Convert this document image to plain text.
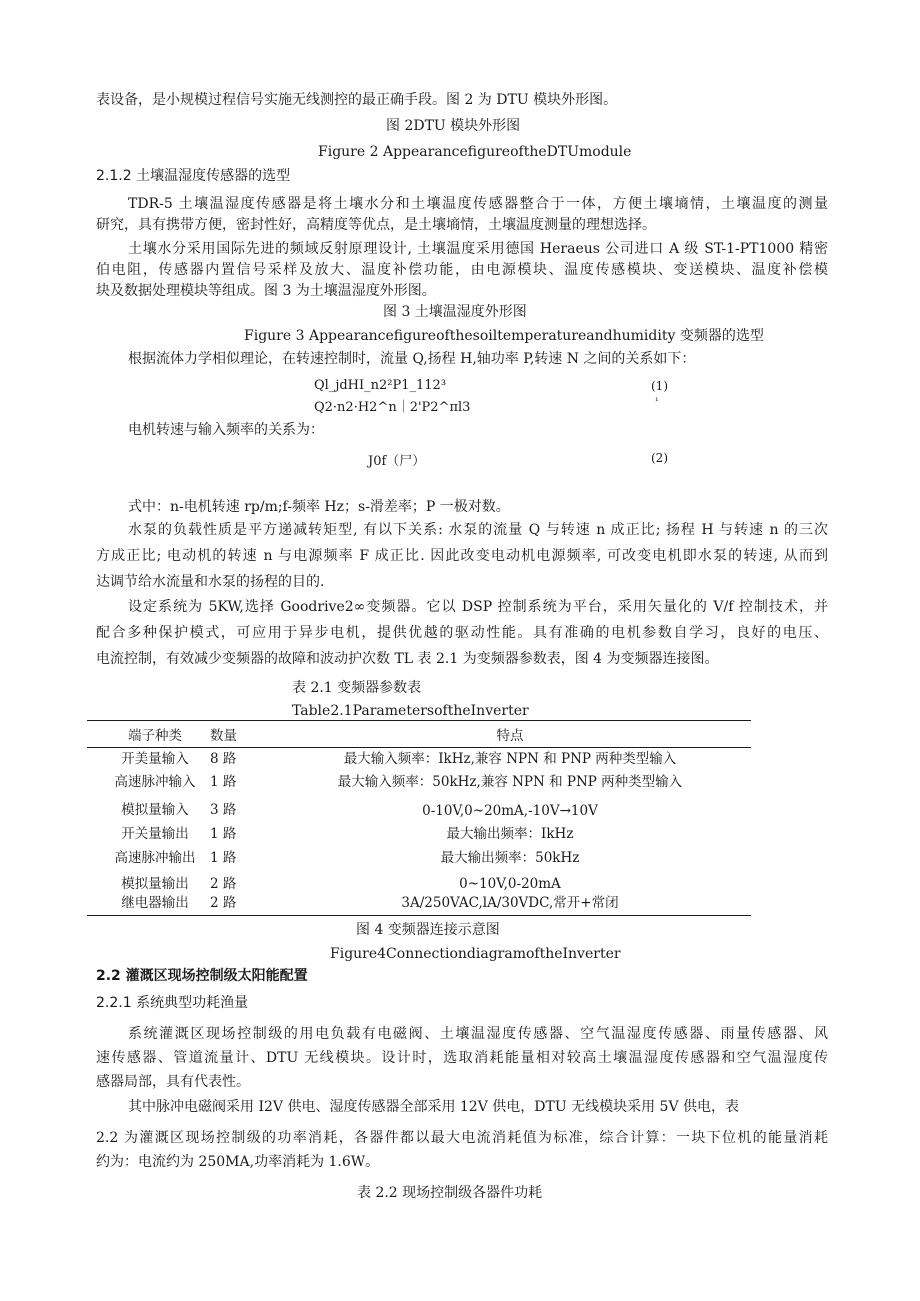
表设备，是小规模过程信号实施无线测控的最正确手段。图 2 为 DTU 模块外形图。
图 2DTU 模块外形图
Figure 2 AppearancefigureoftheDTUmodule
2.1.2 土壤温湿度传感器的选型
TDR-5 土壤温湿度传感器是将土壤水分和土壤温度传感器整合于一体，方便土壤墒情，土壤温度的测量
研究，具有携带方便，密封性好，高精度等优点，是土壤墒情，土壤温度测量的理想选择。
土壤水分采用国际先进的频域反射原理设计, 土壤温度采用德国 Heraeus 公司进口 A 级 ST-1-PT1000 精密
伯电阻，传感器内置信号采样及放大、温度补偿功能，由电源模块、温度传感模块、变送模块、温度补偿模
块及数据处理模块等组成。图 3 为土壤温湿度外形图。
图 3 土壤温湿度外形图
Figure 3 Appearancefigureofthesoiltemperatureandhumidity 变频器的选型
根据流体力学相似理论，在转速控制时，流量 Q,扬程 H,轴功率 P,转速 N 之间的关系如下：
Ql_jdHI_n2²P1_112³
Q2·n2·H2^n｜2'P2^πl3
(1)
¹
电机转速与输入频率的关系为：
J0f（尸）	(2)
式中：n-电机转速 rp/m;f-频率 Hz；s-滑差率；P 一极对数。
水泵的负载性质是平方递减转矩型, 有以下关系: 水泵的流量 Q 与转速 n 成正比; 扬程 H 与转速 n 的三次
方成正比; 电动机的转速 n 与电源频率 F 成正比. 因此改变电动机电源频率, 可改变电机即水泵的转速, 从而到
达调节给水流量和水泵的扬程的目的.
设定系统为 5KW,选择 Goodrive2∞变频器。它以 DSP 控制系统为平台，采用矢量化的 V/f 控制技术，并
配合多种保护模式，可应用于异步电机，提供优越的驱动性能。具有准确的电机参数自学习，良好的电压、
电流控制，有效减少变频器的故障和波动护次数 TL 表 2.1 为变频器参数表，图 4 为变频器连接图。
表 2.1 变频器参数表
Table2.1ParametersoftheInverter
端子种类	数量	特点
开美量输入	8 路	最大输入频率：IkHz,兼容 NPN 和 PNP 两种类型输入
高速脉冲输入	1 路	最大输入频率：50kHz,兼容 NPN 和 PNP 两种类型输入
模拟量输入	3 路	0-10V,0~20mA,-10V→10V
开关量输出	1 路	最大输出频率：IkHz
高速脉冲输出	1 路	最大输出频率：50kHz
模拟量输出	2 路	0~10V,0-20mA
继电器输出	2 路	3A/250VAC,lA/30VDC,常开+常闭
图 4 变频器连接示意图
Figure4ConnectiondiagramoftheInverter
2.2 灌溉区现场控制级太阳能配置
2.2.1 系统典型功耗渔量
系统灌溉区现场控制级的用电负载有电磁阀、土壤温湿度传感器、空气温湿度传感器、雨量传感器、风
速传感器、管道流量计、DTU 无线模块。设计时，选取消耗能量相对较高土壤温湿度传感器和空气温湿度传
感器局部，具有代表性。
其中脉冲电磁阀采用 I2V 供电、湿度传感器全部采用 12V 供电，DTU 无线模块采用 5V 供电，表
2.2 为灌溉区现场控制级的功率消耗，各器件都以最大电流消耗值为标准，综合计算：一块下位机的能量消耗
约为：电流约为 250MA,功率消耗为 1.6W。
表 2.2 现场控制级各器件功耗
